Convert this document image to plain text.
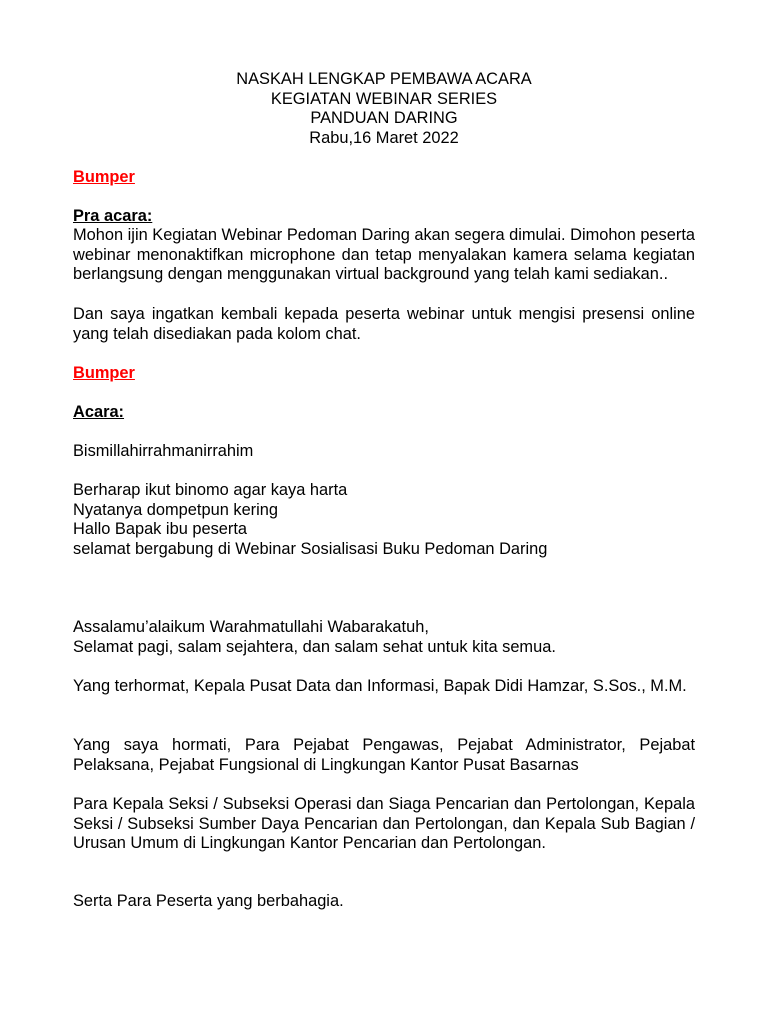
NASKAH LENGKAP PEMBAWA ACARA
KEGIATAN WEBINAR SERIES
PANDUAN DARING
Rabu,16 Maret 2022
Bumper
Pra acara:
Mohon ijin Kegiatan Webinar Pedoman Daring akan segera dimulai. Dimohon peserta webinar menonaktifkan microphone dan tetap menyalakan kamera selama kegiatan berlangsung dengan menggunakan virtual background yang telah kami sediakan..
Dan saya ingatkan kembali kepada peserta webinar untuk mengisi presensi online yang telah disediakan pada kolom chat.
Bumper
Acara:
Bismillahirrahmanirrahim
Berharap ikut binomo agar kaya harta
Nyatanya dompetpun kering
Hallo Bapak ibu peserta
selamat bergabung di Webinar Sosialisasi Buku Pedoman Daring
Assalamu’alaikum Warahmatullahi Wabarakatuh,
Selamat pagi, salam sejahtera, dan salam sehat untuk kita semua.
Yang terhormat, Kepala Pusat Data dan Informasi, Bapak Didi Hamzar, S.Sos., M.M.
Yang saya hormati, Para Pejabat Pengawas, Pejabat Administrator, Pejabat Pelaksana, Pejabat Fungsional di Lingkungan Kantor Pusat Basarnas
Para Kepala Seksi / Subseksi Operasi dan Siaga Pencarian dan Pertolongan, Kepala Seksi / Subseksi Sumber Daya Pencarian dan Pertolongan, dan Kepala Sub Bagian / Urusan Umum di Lingkungan Kantor Pencarian dan Pertolongan.
Serta Para Peserta yang berbahagia.
